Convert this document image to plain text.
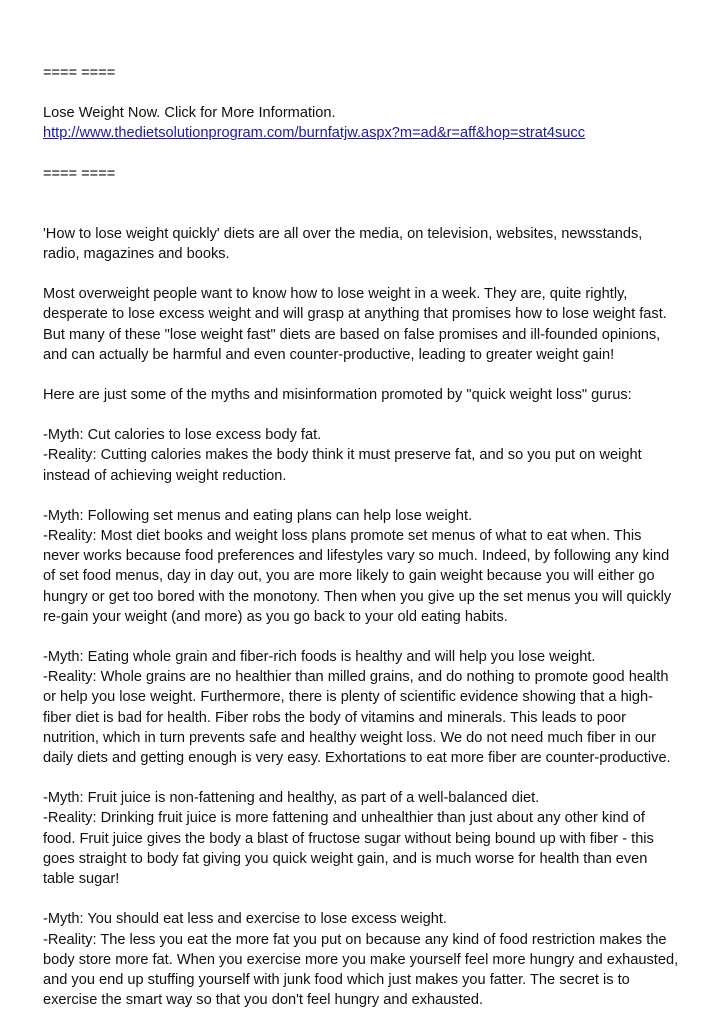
==== ====
Lose Weight Now. Click for More Information.
http://www.thedietsolutionprogram.com/burnfatjw.aspx?m=ad&r=aff&hop=strat4succ
==== ====
'How to lose weight quickly' diets are all over the media, on television, websites, newsstands,
radio, magazines and books.
Most overweight people want to know how to lose weight in a week. They are, quite rightly,
desperate to lose excess weight and will grasp at anything that promises how to lose weight fast.
But many of these "lose weight fast" diets are based on false promises and ill-founded opinions,
and can actually be harmful and even counter-productive, leading to greater weight gain!
Here are just some of the myths and misinformation promoted by "quick weight loss" gurus:
-Myth: Cut calories to lose excess body fat.
-Reality: Cutting calories makes the body think it must preserve fat, and so you put on weight
instead of achieving weight reduction.
-Myth: Following set menus and eating plans can help lose weight.
-Reality: Most diet books and weight loss plans promote set menus of what to eat when. This
never works because food preferences and lifestyles vary so much. Indeed, by following any kind
of set food menus, day in day out, you are more likely to gain weight because you will either go
hungry or get too bored with the monotony. Then when you give up the set menus you will quickly
re-gain your weight (and more) as you go back to your old eating habits.
-Myth: Eating whole grain and fiber-rich foods is healthy and will help you lose weight.
-Reality: Whole grains are no healthier than milled grains, and do nothing to promote good health
or help you lose weight. Furthermore, there is plenty of scientific evidence showing that a high-
fiber diet is bad for health. Fiber robs the body of vitamins and minerals. This leads to poor
nutrition, which in turn prevents safe and healthy weight loss. We do not need much fiber in our
daily diets and getting enough is very easy. Exhortations to eat more fiber are counter-productive.
-Myth: Fruit juice is non-fattening and healthy, as part of a well-balanced diet.
-Reality: Drinking fruit juice is more fattening and unhealthier than just about any other kind of
food. Fruit juice gives the body a blast of fructose sugar without being bound up with fiber - this
goes straight to body fat giving you quick weight gain, and is much worse for health than even
table sugar!
-Myth: You should eat less and exercise to lose excess weight.
-Reality: The less you eat the more fat you put on because any kind of food restriction makes the
body store more fat. When you exercise more you make yourself feel more hungry and exhausted,
and you end up stuffing yourself with junk food which just makes you fatter. The secret is to
exercise the smart way so that you don't feel hungry and exhausted.
